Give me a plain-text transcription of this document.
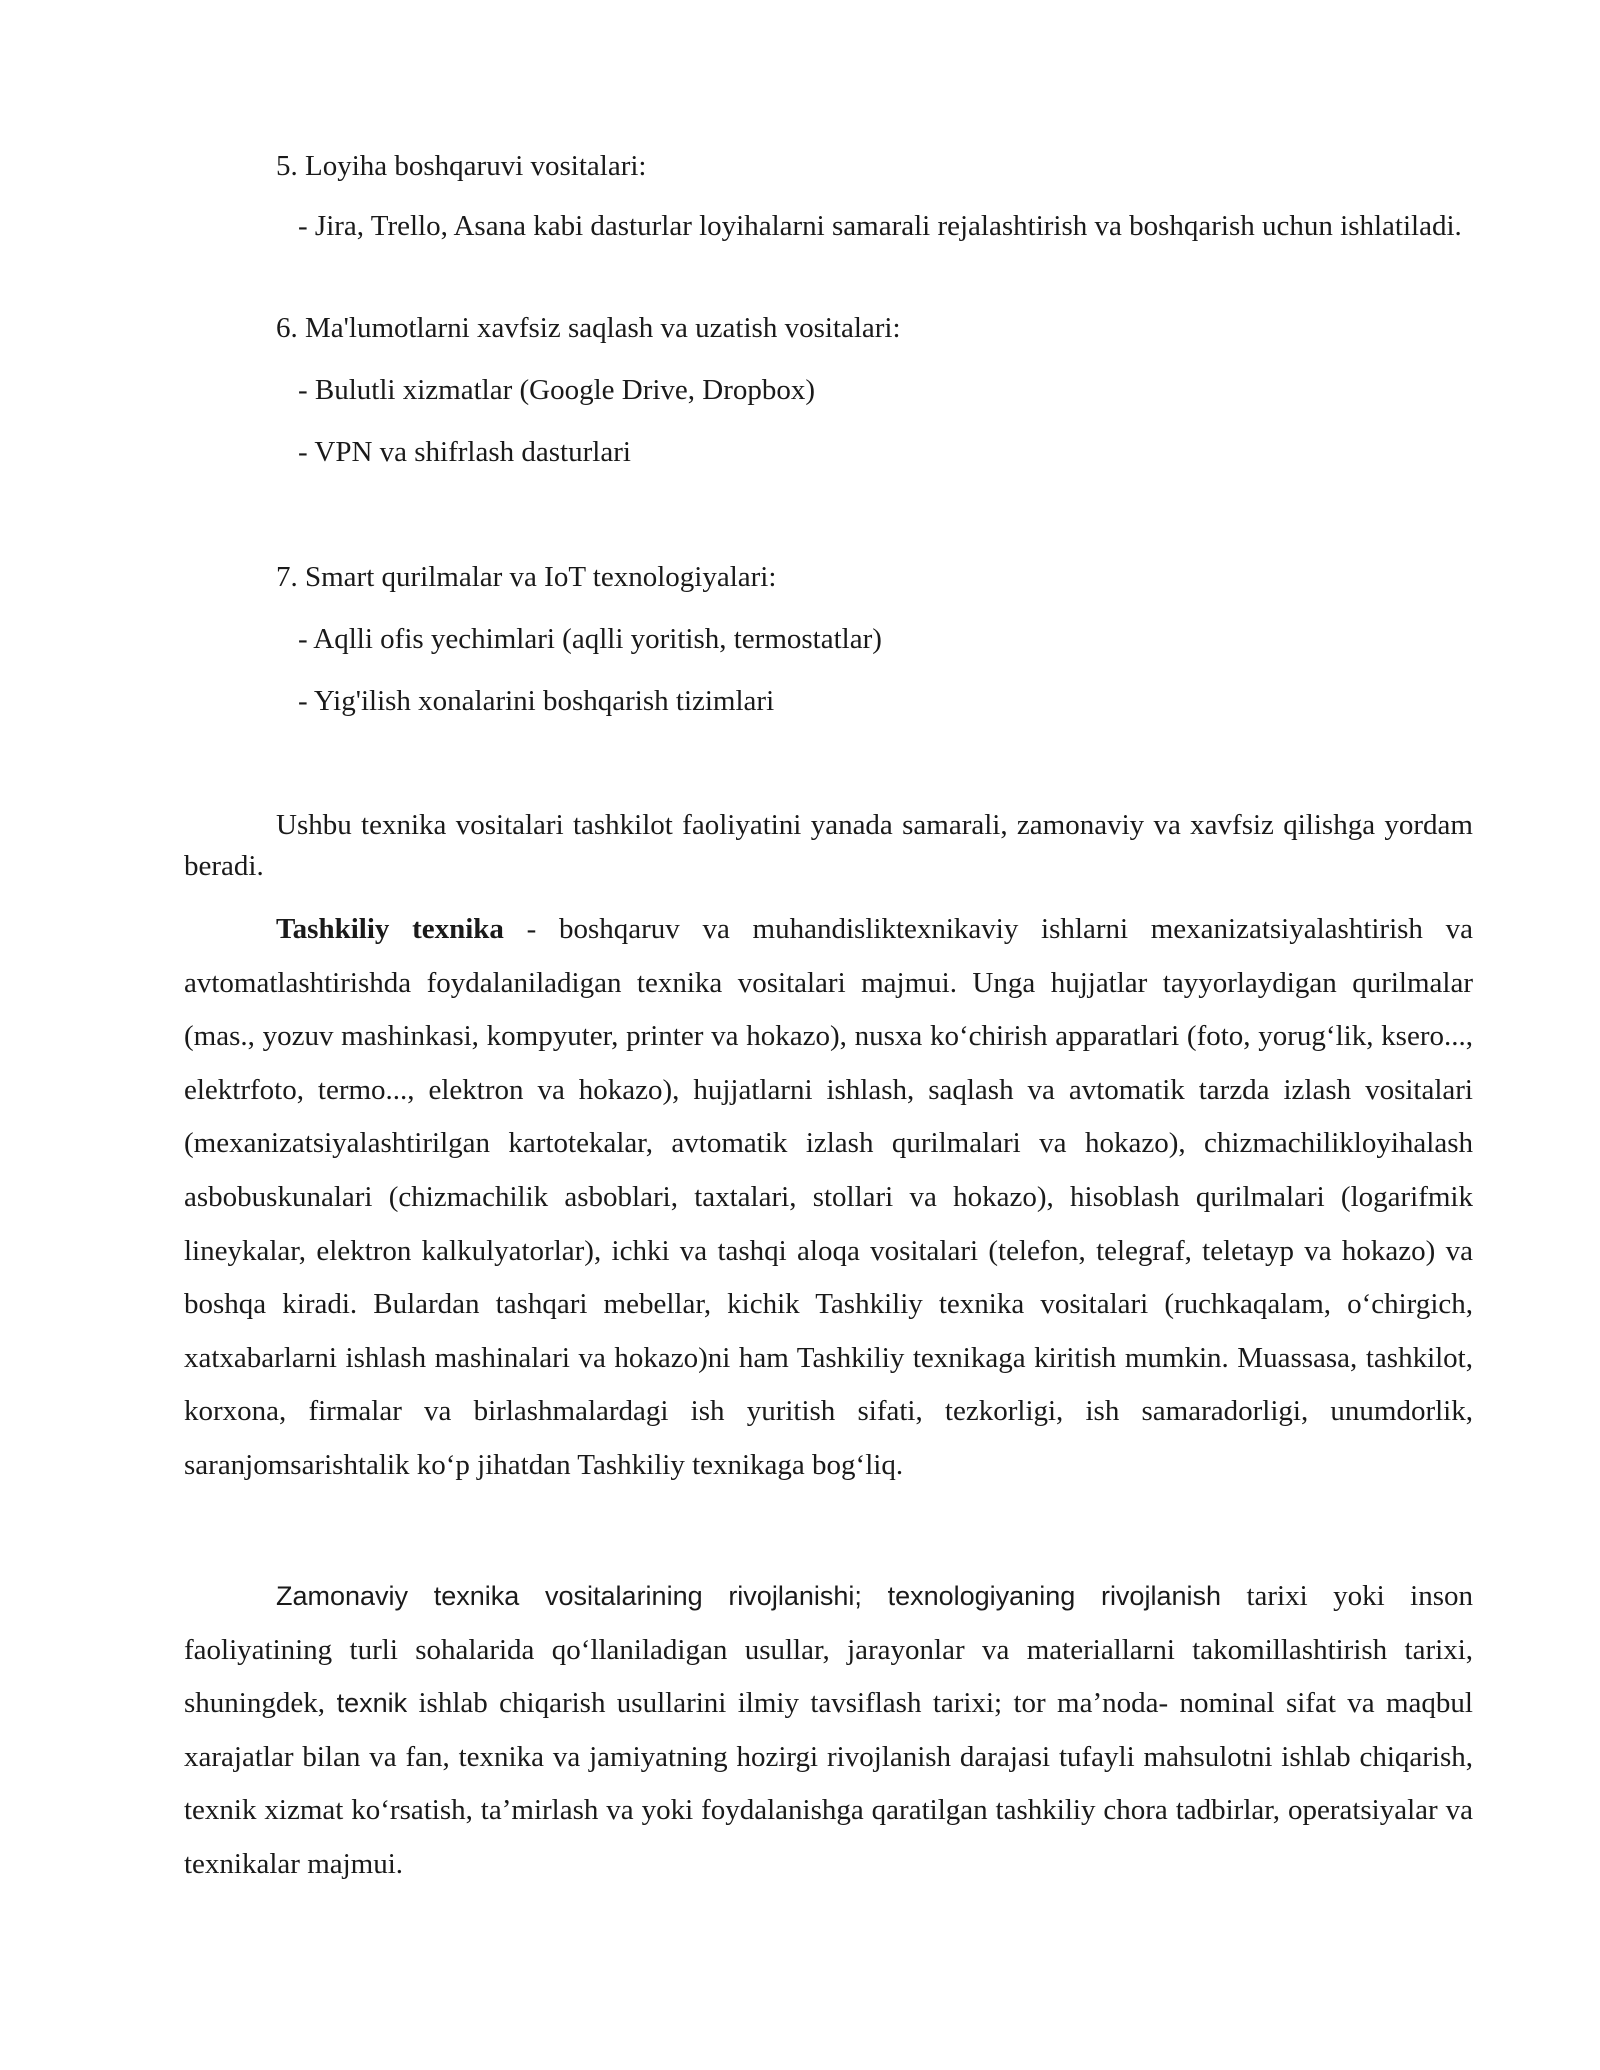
5. Loyiha boshqaruvi vositalari:

- Jira, Trello, Asana kabi dasturlar loyihalarni samarali rejalashtirish va boshqarish uchun ishlatiladi.

6. Ma'lumotlarni xavfsiz saqlash va uzatish vositalari:
- Bulutli xizmatlar (Google Drive, Dropbox)
- VPN va shifrlash dasturlari
7. Smart qurilmalar va IoT texnologiyalari:
- Aqlli ofis yechimlari (aqlli yoritish, termostatlar)
- Yig'ilish xonalarini boshqarish tizimlari

Ushbu texnika vositalari tashkilot faoliyatini yanada samarali, zamonaviy va xavfsiz qilishga yordam beradi.

Tashkiliy texnika - boshqaruv va muhandisliktexnikaviy ishlarni mexanizatsiyalashtirish va avtomatlashtirishda foydalaniladigan texnika vositalari majmui. Unga hujjatlar tayyorlaydigan qurilmalar (mas., yozuv mashinkasi, kompyuter, printer va hokazo), nusxa ko‘chirish apparatlari (foto, yorug‘lik, ksero..., elektrfoto, termo..., elektron va hokazo), hujjatlarni ishlash, saqlash va avtomatik tarzda izlash vositalari (mexanizatsiyalashtirilgan kartotekalar, avtomatik izlash qurilmalari va hokazo), chizmachilikloyihalash asbobuskunalari (chizmachilik asboblari, taxtalari, stollari va hokazo), hisoblash qurilmalari (logarifmik lineykalar, elektron kalkulyatorlar), ichki va tashqi aloqa vositalari (telefon, telegraf, teletayp va hokazo) va boshqa kiradi. Bulardan tashqari mebellar, kichik Tashkiliy texnika vositalari (ruchkaqalam, o‘chirgich, xatxabarlarni ishlash mashinalari va hokazo)ni ham Tashkiliy texnikaga kiritish mumkin. Muassasa, tashkilot, korxona, firmalar va birlashmalardagi ish yuritish sifati, tezkorligi, ish samaradorligi, unumdorlik, saranjomsarishtalik ko‘p jihatdan Tashkiliy texnikaga bog‘liq.

Zamonaviy texnika vositalarining rivojlanishi; texnologiyaning rivojlanish tarixi yoki inson faoliyatining turli sohalarida qo‘llaniladigan usullar, jarayonlar va materiallarni takomillashtirish tarixi, shuningdek, texnik ishlab chiqarish usullarini ilmiy tavsiflash tarixi; tor ma’noda- nominal sifat va maqbul xarajatlar bilan va fan, texnika va jamiyatning hozirgi rivojlanish darajasi tufayli mahsulotni ishlab chiqarish, texnik xizmat ko‘rsatish, ta’mirlash va yoki foydalanishga qaratilgan tashkiliy chora tadbirlar, operatsiyalar va texnikalar majmui.
